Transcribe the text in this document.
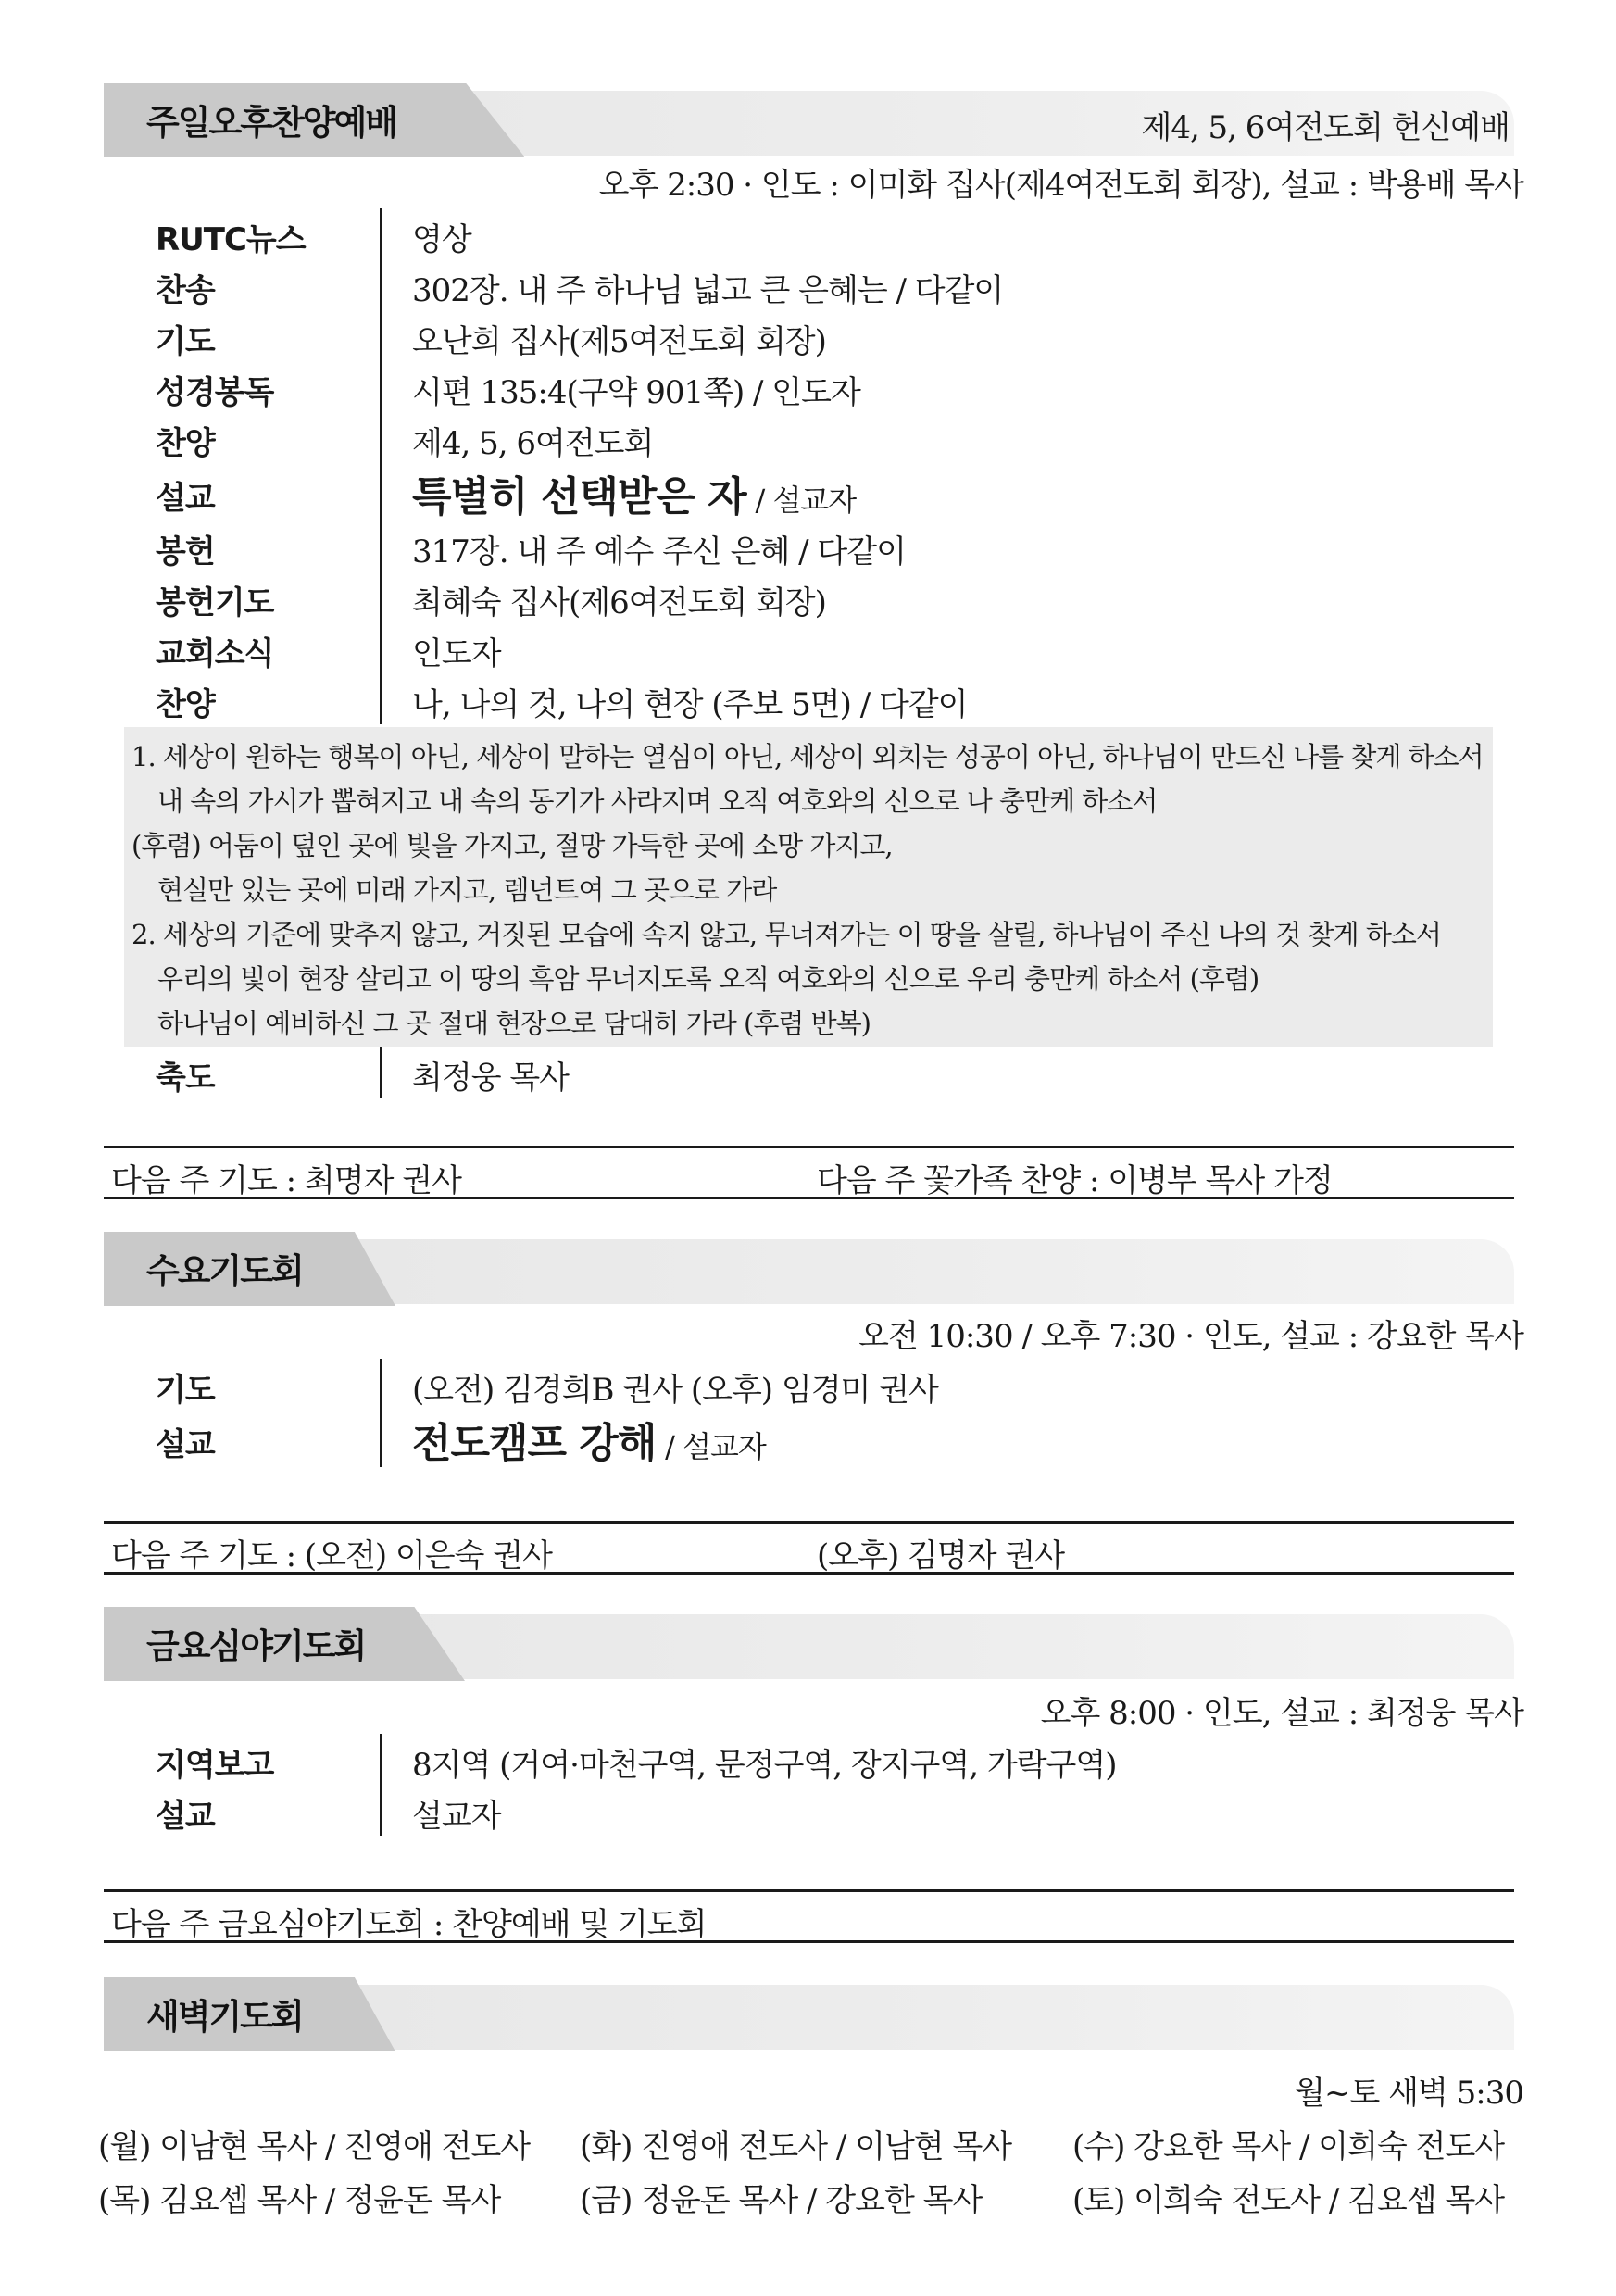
주일오후찬양예배	제4, 5, 6여전도회 헌신예배
오후 2:30 · 인도 : 이미화 집사(제4여전도회 회장), 설교 : 박용배 목사
RUTC뉴스	영상
찬송	302장. 내 주 하나님 넓고 큰 은혜는 / 다같이
기도	오난희 집사(제5여전도회 회장)
성경봉독	시편 135:4(구약 901쪽) / 인도자
찬양	제4, 5, 6여전도회
설교	특별히 선택받은 자 / 설교자
봉헌	317장. 내 주 예수 주신 은혜 / 다같이
봉헌기도	최혜숙 집사(제6여전도회 회장)
교회소식	인도자
찬양	나, 나의 것, 나의 현장 (주보 5면) / 다같이
1. 세상이 원하는 행복이 아닌, 세상이 말하는 열심이 아닌, 세상이 외치는 성공이 아닌, 하나님이 만드신 나를 찾게 하소서
　내 속의 가시가 뽑혀지고 내 속의 동기가 사라지며 오직 여호와의 신으로 나 충만케 하소서
(후렴) 어둠이 덮인 곳에 빛을 가지고, 절망 가득한 곳에 소망 가지고,
　현실만 있는 곳에 미래 가지고, 렘넌트여 그 곳으로 가라
2. 세상의 기준에 맞추지 않고, 거짓된 모습에 속지 않고, 무너져가는 이 땅을 살릴, 하나님이 주신 나의 것 찾게 하소서
　우리의 빛이 현장 살리고 이 땅의 흑암 무너지도록 오직 여호와의 신으로 우리 충만케 하소서 (후렴)
　하나님이 예비하신 그 곳 절대 현장으로 담대히 가라 (후렴 반복)
축도	최정웅 목사
다음 주 기도 : 최명자 권사	다음 주 꽃가족 찬양 : 이병부 목사 가정
수요기도회
오전 10:30 / 오후 7:30 · 인도, 설교 : 강요한 목사
기도	(오전) 김경희B 권사 (오후) 임경미 권사
설교	전도캠프 강해 / 설교자
다음 주 기도 : (오전) 이은숙 권사	(오후) 김명자 권사
금요심야기도회
오후 8:00 · 인도, 설교 : 최정웅 목사
지역보고	8지역 (거여·마천구역, 문정구역, 장지구역, 가락구역)
설교	설교자
다음 주 금요심야기도회 : 찬양예배 및 기도회
새벽기도회
월~토 새벽 5:30
(월) 이남현 목사 / 진영애 전도사 (화) 진영애 전도사 / 이남현 목사 (수) 강요한 목사 / 이희숙 전도사
(목) 김요셉 목사 / 정윤돈 목사	(금) 정윤돈 목사 / 강요한 목사	(토) 이희숙 전도사 / 김요셉 목사
